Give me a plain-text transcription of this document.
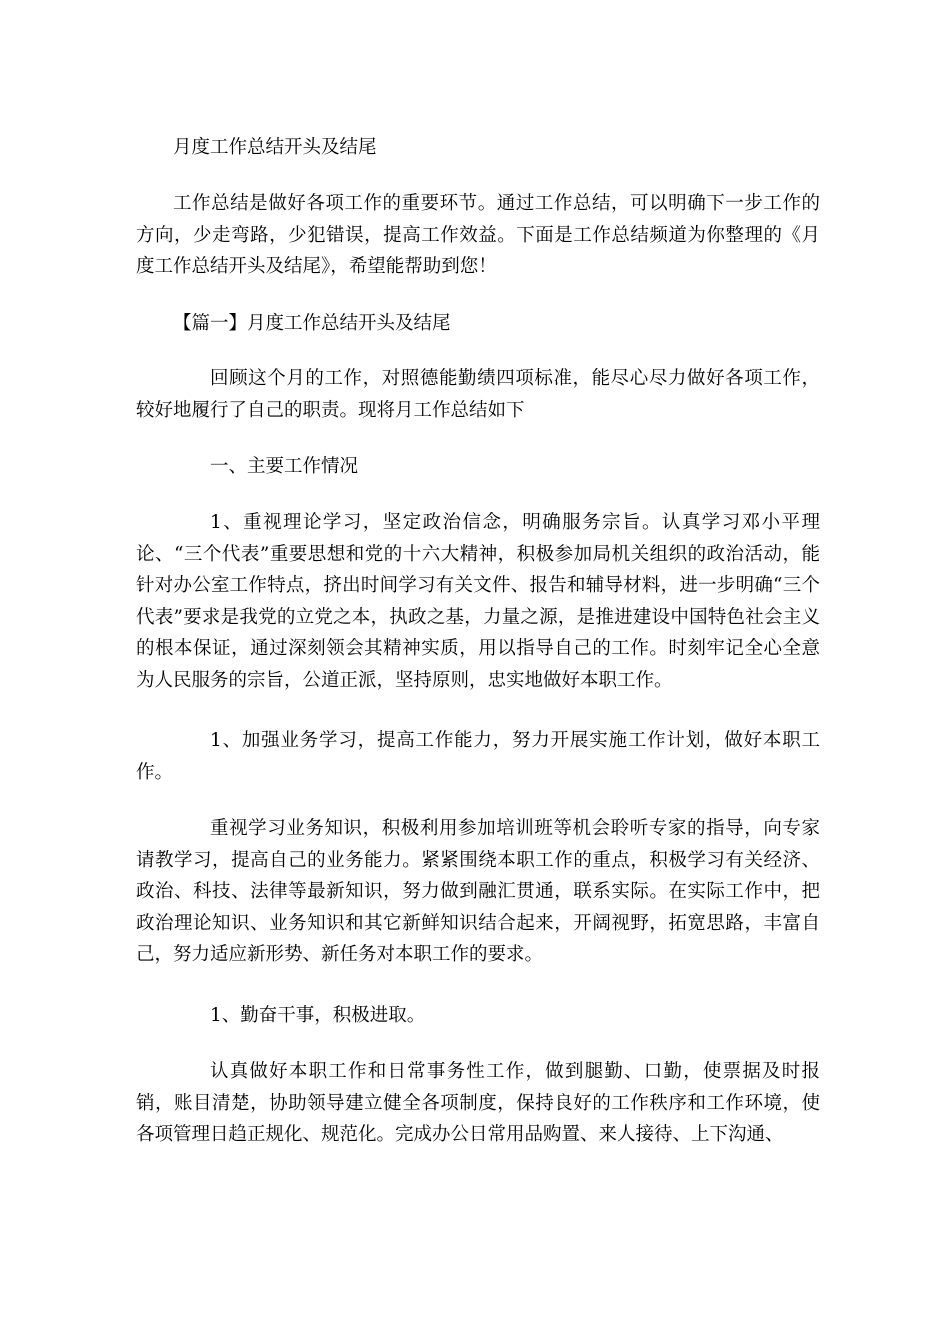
月度工作总结开头及结尾

工作总结是做好各项工作的重要环节。通过工作总结，可以明确下一步工作的方向，少走弯路，少犯错误，提高工作效益。下面是工作总结频道为你整理的《月度工作总结开头及结尾》，希望能帮助到您！

【篇一】月度工作总结开头及结尾

回顾这个月的工作，对照德能勤绩四项标准，能尽心尽力做好各项工作，较好地履行了自己的职责。现将月工作总结如下

一、主要工作情况

1、重视理论学习，坚定政治信念，明确服务宗旨。认真学习邓小平理论、“三个代表”重要思想和党的十六大精神，积极参加局机关组织的政治活动，能针对办公室工作特点，挤出时间学习有关文件、报告和辅导材料，进一步明确“三个代表”要求是我党的立党之本，执政之基，力量之源，是推进建设中国特色社会主义的根本保证，通过深刻领会其精神实质，用以指导自己的工作。时刻牢记全心全意为人民服务的宗旨，公道正派，坚持原则，忠实地做好本职工作。

1、加强业务学习，提高工作能力，努力开展实施工作计划，做好本职工作。

重视学习业务知识，积极利用参加培训班等机会聆听专家的指导，向专家请教学习，提高自己的业务能力。紧紧围绕本职工作的重点，积极学习有关经济、政治、科技、法律等最新知识，努力做到融汇贯通，联系实际。在实际工作中，把政治理论知识、业务知识和其它新鲜知识结合起来，开阔视野，拓宽思路，丰富自己，努力适应新形势、新任务对本职工作的要求。

1、勤奋干事，积极进取。

认真做好本职工作和日常事务性工作，做到腿勤、口勤，使票据及时报销，账目清楚，协助领导建立健全各项制度，保持良好的工作秩序和工作环境，使各项管理日趋正规化、规范化。完成办公日常用品购置、来人接待、上下沟通、
